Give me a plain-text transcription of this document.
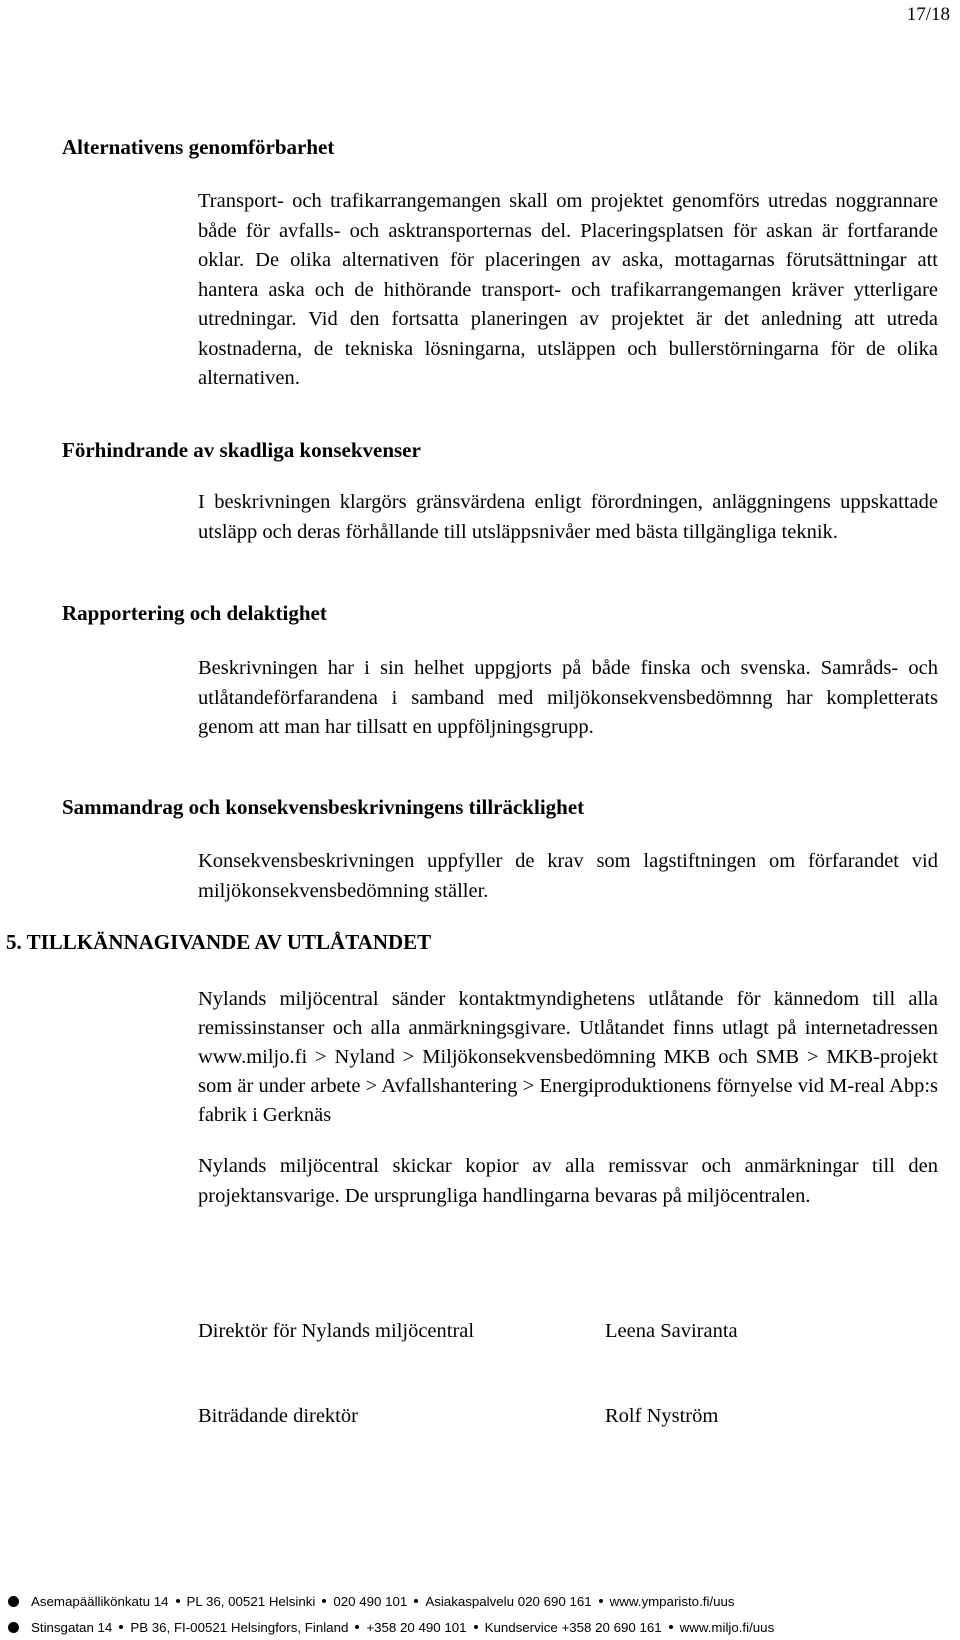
17/18
Alternativens genomförbarhet

Transport- och trafikarrangemangen skall om projektet genomförs utredas noggrannare både för avfalls- och asktransporternas del. Placeringsplatsen för askan är fortfarande oklar. De olika alternativen för placeringen av aska, mottagarnas förutsättningar att hantera aska och de hithörande transport- och trafikarrangemangen kräver ytterligare utredningar. Vid den fortsatta planeringen av projektet är det anledning att utreda kostnaderna, de tekniska lösningarna, utsläppen och bullerstörningarna för de olika alternativen.

Förhindrande av skadliga konsekvenser

I beskrivningen klargörs gränsvärdena enligt förordningen, anläggningens uppskattade utsläpp och deras förhållande till utsläppsnivåer med bästa tillgängliga teknik.

Rapportering och delaktighet

Beskrivningen har i sin helhet uppgjorts på både finska och svenska. Samråds- och utlåtandeförfarandena i samband med miljökonsekvensbedömnng har kompletterats genom att man har tillsatt en uppföljningsgrupp.

Sammandrag och konsekvensbeskrivningens tillräcklighet

Konsekvensbeskrivningen uppfyller de krav som lagstiftningen om förfarandet vid miljökonsekvensbedömning ställer.

5. TILLKÄNNAGIVANDE AV UTLÅTANDET

Nylands miljöcentral sänder kontaktmyndighetens utlåtande för kännedom till alla remissinstanser och alla anmärkningsgivare. Utlåtandet finns utlagt på internetadressen www.miljo.fi > Nyland > Miljökonsekvensbedömning MKB och SMB > MKB-projekt som är under arbete > Avfallshantering > Energiproduktionens förnyelse vid M-real Abp:s fabrik i Gerknäs

Nylands miljöcentral skickar kopior av alla remissvar och anmärkningar till den projektansvarige. De ursprungliga handlingarna bevaras på miljöcentralen.

Direktör för Nylands miljöcentral	Leena Saviranta
Biträdande direktör	Rolf Nyström
Asemapäällikönkatu 14 PL 36, 00521 Helsinki 020 490 101 Asiakaspalvelu 020 690 161 www.ymparisto.fi/uus
Stinsgatan 14 PB 36, FI-00521 Helsingfors, Finland +358 20 490 101 Kundservice +358 20 690 161 www.miljo.fi/uus
